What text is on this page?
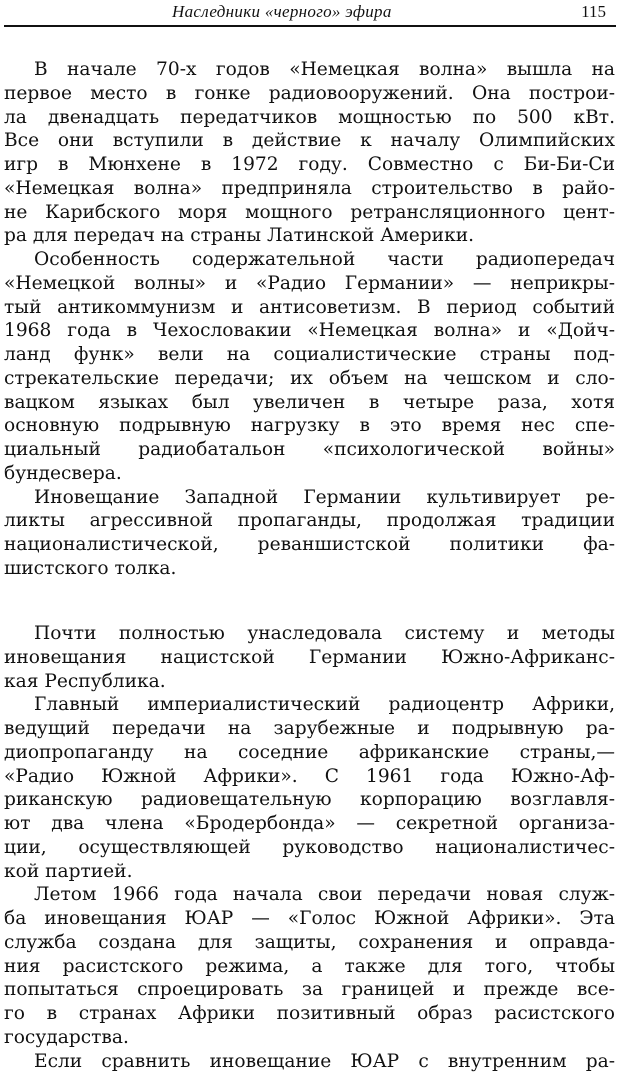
Наследники «черного» эфира	115
В начале 70-х годов «Немецкая волна» вышла на
первое место в гонке радиовооружений. Она построи-
ла двенадцать передатчиков мощностью по 500 кВт.
Все они вступили в действие к началу Олимпийских
игр в Мюнхене в 1972 году. Совместно с Би-Би-Си
«Немецкая волна» предприняла строительство в райо-
не Карибского моря мощного ретрансляционного цент-
ра для передач на страны Латинской Америки.
Особенность содержательной части радиопередач
«Немецкой волны» и «Радио Германии» — неприкры-
тый антикоммунизм и антисоветизм. В период событий
1968 года в Чехословакии «Немецкая волна» и «Дойч-
ланд функ» вели на социалистические страны под-
стрекательские передачи; их объем на чешском и сло-
вацком языках был увеличен в четыре раза, хотя
основную подрывную нагрузку в это время нес спе-
циальный радиобатальон «психологической войны»
бундесвера.
Иновещание Западной Германии культивирует ре-
ликты агрессивной пропаганды, продолжая традиции
националистической, реваншистской политики фа-
шистского толка.
Почти полностью унаследовала систему и методы
иновещания нацистской Германии Южно-Африканс-
кая Республика.
Главный империалистический радиоцентр Африки,
ведущий передачи на зарубежные и подрывную ра-
диопропаганду на соседние африканские страны,—
«Радио Южной Африки». С 1961 года Южно-Аф-
риканскую радиовещательную корпорацию возглавля-
ют два члена «Бродербонда» — секретной организа-
ции, осуществляющей руководство националистичес-
кой партией.
Летом 1966 года начала свои передачи новая служ-
ба иновещания ЮАР — «Голос Южной Африки». Эта
служба создана для защиты, сохранения и оправда-
ния расистского режима, а также для того, чтобы
попытаться спроецировать за границей и прежде все-
го в странах Африки позитивный образ расистского
государства.
Если сравнить иновещание ЮАР с внутренним ра-
